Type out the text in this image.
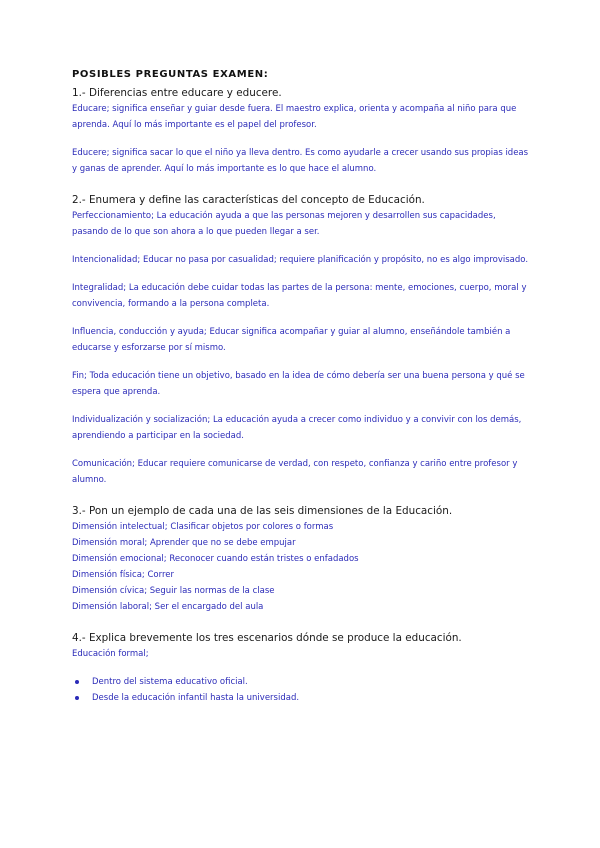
POSIBLES PREGUNTAS EXAMEN:

1.- Diferencias entre educare y educere.

Educare; significa enseñar y guiar desde fuera. El maestro explica, orienta y acompaña al niño para que aprenda. Aquí lo más importante es el papel del profesor.

Educere; significa sacar lo que el niño ya lleva dentro. Es como ayudarle a crecer usando sus propias ideas y ganas de aprender. Aquí lo más importante es lo que hace el alumno.

2.- Enumera y define las características del concepto de Educación.

Perfeccionamiento; La educación ayuda a que las personas mejoren y desarrollen sus capacidades, pasando de lo que son ahora a lo que pueden llegar a ser.

Intencionalidad; Educar no pasa por casualidad; requiere planificación y propósito, no es algo improvisado.

Integralidad; La educación debe cuidar todas las partes de la persona: mente, emociones, cuerpo, moral y convivencia, formando a la persona completa.

Influencia, conducción y ayuda; Educar significa acompañar y guiar al alumno, enseñándole también a educarse y esforzarse por sí mismo.

Fin; Toda educación tiene un objetivo, basado en la idea de cómo debería ser una buena persona y qué se espera que aprenda.

Individualización y socialización; La educación ayuda a crecer como individuo y a convivir con los demás, aprendiendo a participar en la sociedad.

Comunicación; Educar requiere comunicarse de verdad, con respeto, confianza y cariño entre profesor y alumno.

3.- Pon un ejemplo de cada una de las seis dimensiones de la Educación.

Dimensión intelectual; Clasificar objetos por colores o formas

Dimensión moral; Aprender que no se debe empujar

Dimensión emocional; Reconocer cuando están tristes o enfadados

Dimensión física; Correr

Dimensión cívica; Seguir las normas de la clase

Dimensión laboral; Ser el encargado del aula

4.- Explica brevemente los tres escenarios dónde se produce la educación.

Educación formal;

Dentro del sistema educativo oficial.
Desde la educación infantil hasta la universidad.
